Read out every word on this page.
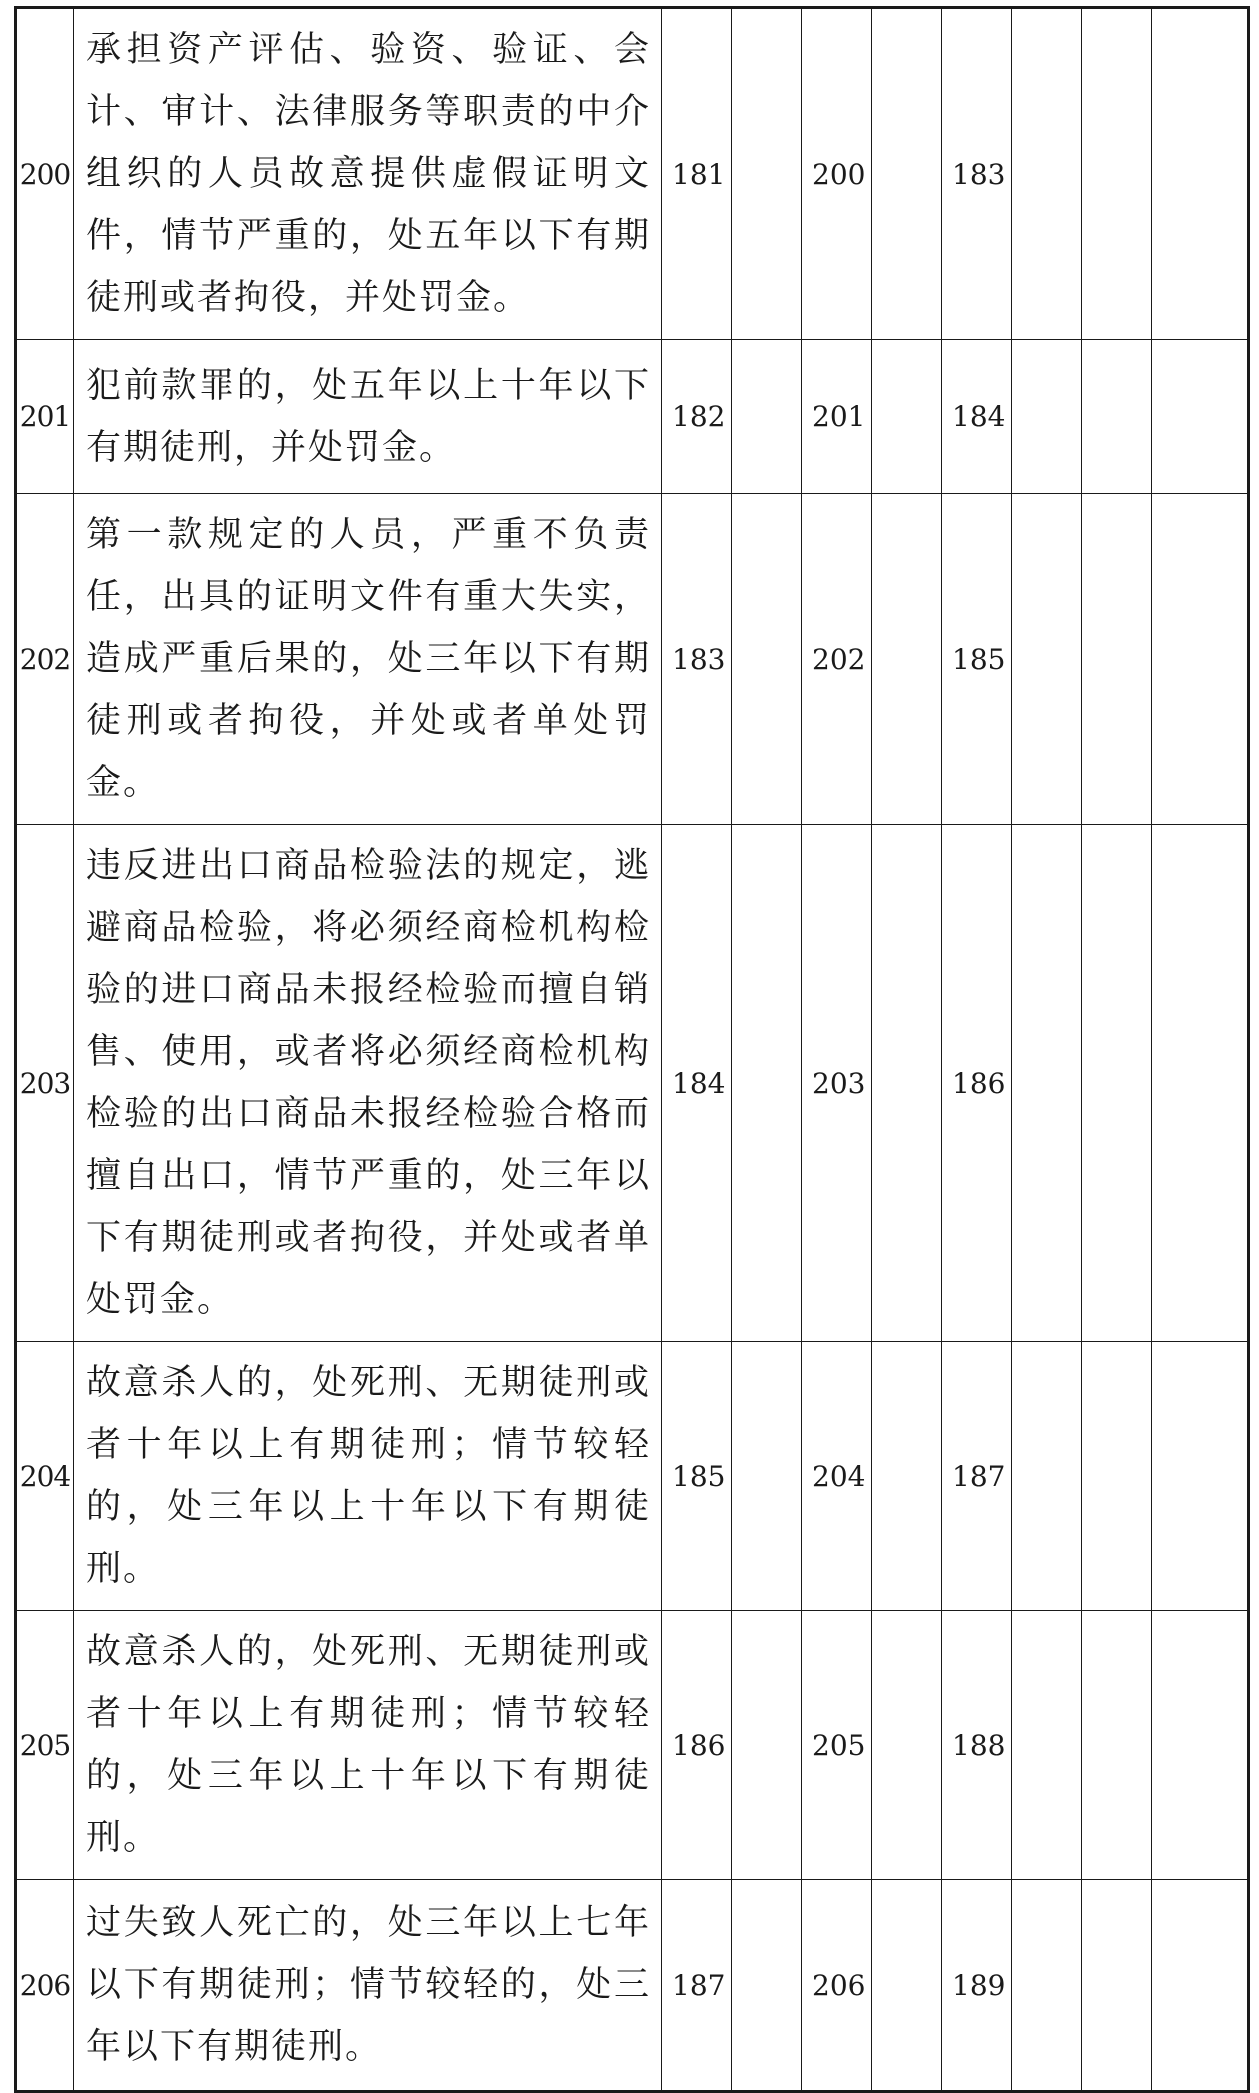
200	承担资产评估、验资、验证、会计、审计、法律服务等职责的中介组织的人员故意提供虚假证明文件，情节严重的，处五年以下有期徒刑或者拘役，并处罚金。	181		200		183			
201	犯前款罪的，处五年以上十年以下有期徒刑，并处罚金。	182		201		184			
202	第一款规定的人员，严重不负责任，出具的证明文件有重大失实，造成严重后果的，处三年以下有期徒刑或者拘役，并处或者单处罚金。	183		202		185			
203	违反进出口商品检验法的规定，逃避商品检验，将必须经商检机构检验的进口商品未报经检验而擅自销售、使用，或者将必须经商检机构检验的出口商品未报经检验合格而擅自出口，情节严重的，处三年以下有期徒刑或者拘役，并处或者单处罚金。	184		203		186			
204	故意杀人的，处死刑、无期徒刑或者十年以上有期徒刑；情节较轻的，处三年以上十年以下有期徒刑。	185		204		187			
205	故意杀人的，处死刑、无期徒刑或者十年以上有期徒刑；情节较轻的，处三年以上十年以下有期徒刑。	186		205		188			
206	过失致人死亡的，处三年以上七年以下有期徒刑；情节较轻的，处三年以下有期徒刑。	187		206		189			
